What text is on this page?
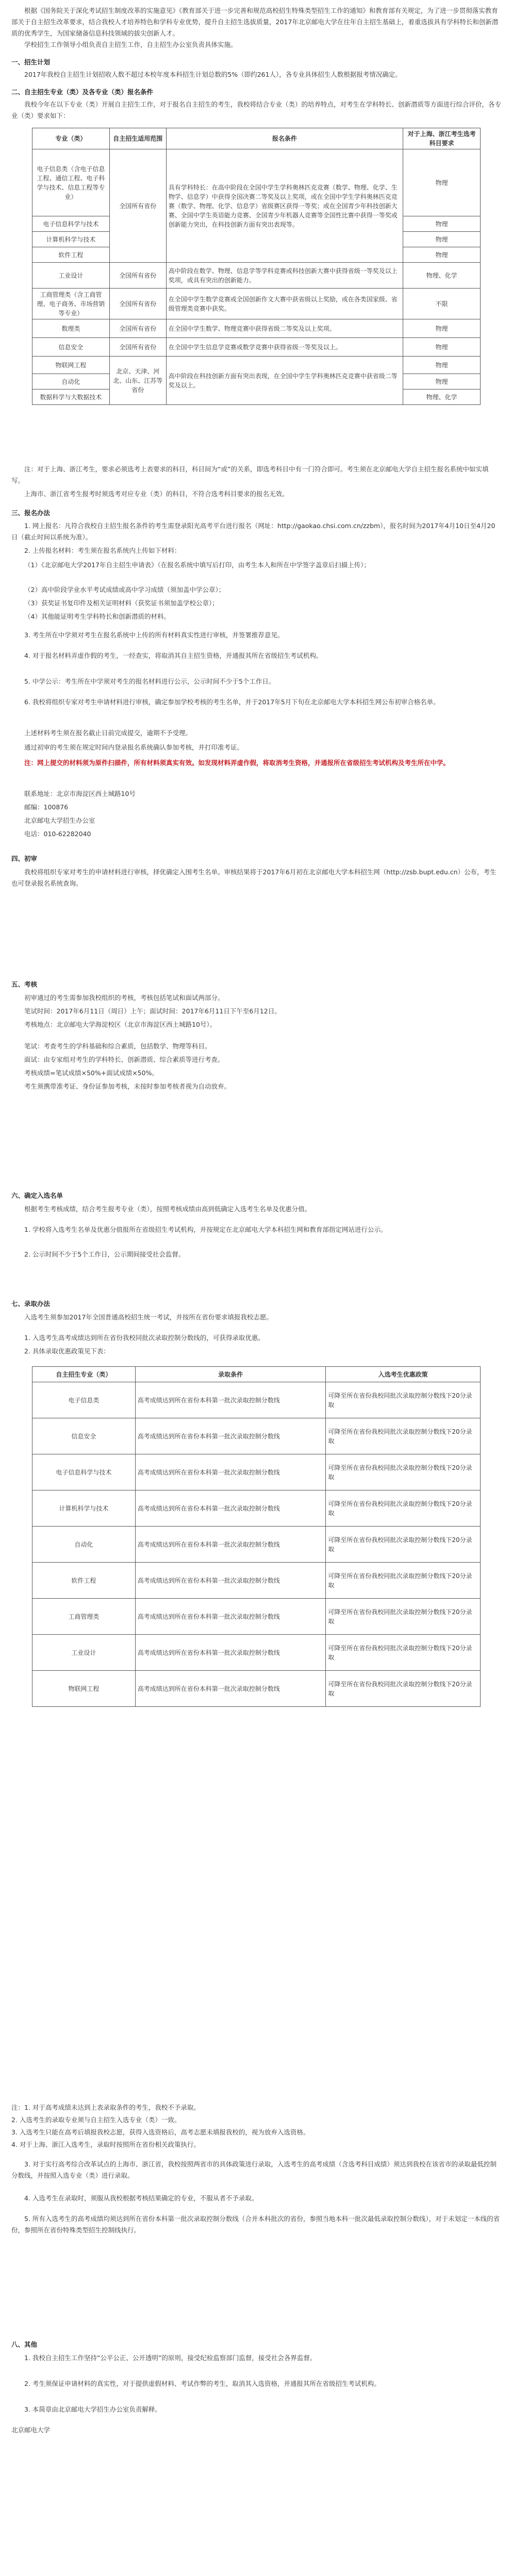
根据《国务院关于深化考试招生制度改革的实施意见》《教育部关于进一步完善和规范高校招生特殊类型招生工作的通知》和教育部有关规定，为了进一步贯彻落实教育部关于自主招生改革要求，结合我校人才培养特色和学科专业优势，提升自主招生选拔质量，2017年北京邮电大学在往年自主招生基础上，着重选拔具有学科特长和创新潜质的优秀学生，为国家储备信息科技领域的拔尖创新人才。

学校招生工作领导小组负责自主招生工作，自主招生办公室负责具体实施。

一、招生计划

2017年我校自主招生计划招收人数不超过本校年度本科招生计划总数的5%（即约261人），各专业具体招生人数根据报考情况确定。

二、自主招生专业（类）及各专业（类）报名条件

我校今年在以下专业（类）开展自主招生工作，对于报名自主招生的考生，我校将结合专业（类）的培养特点，对考生在学科特长、创新潜质等方面进行综合评价，各专业（类）要求如下：

专业（类）	自主招生适用范围	报名条件	对于上海、浙江考生选考科目要求
电子信息类（含电子信息工程、通信工程、电子科学与技术、信息工程等专业）	全国所有省份	具有学科特长：在高中阶段在全国中学生学科奥林匹克竞赛（数学、物理、化学、生物学、信息学）中获得全国决赛二等奖及以上奖项，或在全国中学生学科奥林匹克竞赛（数学、物理、化学、信息学）省级赛区获得一等奖；或在全国青少年科技创新大赛、全国中学生英语能力竞赛、全国青少年机器人竞赛等全国性比赛中获得一等奖或创新能力突出，在科技创新方面有突出表现等。	物理
电子信息科学与技术			物理
计算机科学与技术			物理
软件工程			物理
工业设计	全国所有省份	高中阶段在数学、物理、信息学等学科竞赛或科技创新大赛中获得省级一等奖及以上奖项，或具有突出的创新能力。	物理、化学
工商管理类（含工商管理、电子商务、市场营销等专业）	全国所有省份	在全国中学生数学竞赛或全国创新作文大赛中获省级以上奖励，或在各类国家级、省级管理类竞赛中获奖。	不限
数理类	全国所有省份	在全国中学生数学、物理竞赛中获得省级二等奖及以上奖项。	物理
信息安全	全国所有省份	在全国中学生信息学竞赛或数学竞赛中获得省级一等奖及以上。	物理
物联网工程	北京、天津、河北、山东、江苏等省份	高中阶段在科技创新方面有突出表现，在全国中学生学科奥林匹克竞赛中获省级二等奖及以上。	物理
自动化			物理
数据科学与大数据技术			物理、化学

注：对于上海、浙江考生，要求必须选考上表要求的科目，科目间为“或”的关系，即选考科目中有一门符合即可。考生须在北京邮电大学自主招生报名系统中如实填写。

上海市、浙江省考生报考时须选考对应专业（类）的科目，不符合选考科目要求的报名无效。

三、报名办法

1. 网上报名：凡符合我校自主招生报名条件的考生需登录阳光高考平台进行报名（网址：http://gaokao.chsi.com.cn/zzbm），报名时间为2017年4月10日至4月20日（截止时间以系统为准）。

2. 上传报名材料：考生须在报名系统内上传如下材料：

（1）《北京邮电大学2017年自主招生申请表》（在报名系统中填写后打印，由考生本人和所在中学签字盖章后扫描上传）；

（2）高中阶段学业水平考试成绩或高中学习成绩（须加盖中学公章）；

（3）获奖证书复印件及相关证明材料（获奖证书须加盖学校公章）；

（4）其他能证明考生学科特长和创新潜质的材料。

3. 考生所在中学须对考生在报名系统中上传的所有材料真实性进行审核，并签署推荐意见。

4. 对于报名材料弄虚作假的考生，一经查实，将取消其自主招生资格，并通报其所在省级招生考试机构。

5. 中学公示：考生所在中学须对考生的报名材料进行公示，公示时间不少于5个工作日。

6. 我校将组织专家对考生申请材料进行审核，确定参加学校考核的考生名单，并于2017年5月下旬在北京邮电大学本科招生网公布初审合格名单。

上述材料考生须在报名截止日前完成提交，逾期不予受理。

通过初审的考生须在规定时间内登录报名系统确认参加考核，并打印准考证。

注：网上提交的材料须为原件扫描件，所有材料须真实有效。如发现材料弄虚作假，将取消考生资格，并通报所在省级招生考试机构及考生所在中学。

联系地址：北京市海淀区西土城路10号

邮编：100876

北京邮电大学招生办公室

电话：010-62282040

四、初审

我校将组织专家对考生的申请材料进行审核，择优确定入围考生名单。审核结果将于2017年6月初在北京邮电大学本科招生网（http://zsb.bupt.edu.cn）公布，考生也可登录报名系统查询。

五、考核

初审通过的考生需参加我校组织的考核，考核包括笔试和面试两部分。

笔试时间：2017年6月11日（周日）上午；面试时间：2017年6月11日下午至6月12日。

考核地点：北京邮电大学海淀校区（北京市海淀区西土城路10号）。

笔试：考查考生的学科基础和综合素质，包括数学、物理等科目。

面试：由专家组对考生的学科特长、创新潜质、综合素质等进行考查。

考核成绩=笔试成绩×50%+面试成绩×50%。

考生须携带准考证、身份证参加考核，未按时参加考核者视为自动放弃。

六、确定入选名单

根据考生考核成绩，结合考生报考专业（类），按照考核成绩由高到低确定入选考生名单及优惠分值。

1. 学校将入选考生名单及优惠分值报所在省级招生考试机构，并按规定在北京邮电大学本科招生网和教育部指定网站进行公示。

2. 公示时间不少于5个工作日，公示期间接受社会监督。

七、录取办法

入选考生须参加2017年全国普通高校招生统一考试，并按所在省份要求填报我校志愿。

1. 入选考生高考成绩达到所在省份我校同批次录取控制分数线的，可获得录取优惠。

2. 具体录取优惠政策见下表：

自主招生专业（类）	录取条件	入选考生优惠政策
电子信息类	高考成绩达到所在省份本科第一批次录取控制分数线	可降至所在省份我校同批次录取控制分数线下20分录取
信息安全	高考成绩达到所在省份本科第一批次录取控制分数线	可降至所在省份我校同批次录取控制分数线下20分录取
电子信息科学与技术	高考成绩达到所在省份本科第一批次录取控制分数线	可降至所在省份我校同批次录取控制分数线下20分录取
计算机科学与技术	高考成绩达到所在省份本科第一批次录取控制分数线	可降至所在省份我校同批次录取控制分数线下20分录取
自动化	高考成绩达到所在省份本科第一批次录取控制分数线	可降至所在省份我校同批次录取控制分数线下20分录取
软件工程	高考成绩达到所在省份本科第一批次录取控制分数线	可降至所在省份我校同批次录取控制分数线下20分录取
工商管理类	高考成绩达到所在省份本科第一批次录取控制分数线	可降至所在省份我校同批次录取控制分数线下20分录取
工业设计	高考成绩达到所在省份本科第一批次录取控制分数线	可降至所在省份我校同批次录取控制分数线下20分录取
物联网工程	高考成绩达到所在省份本科第一批次录取控制分数线	可降至所在省份我校同批次录取控制分数线下20分录取

注：1. 对于高考成绩未达到上表录取条件的考生，我校不予录取。

2. 入选考生的录取专业须与自主招生入选专业（类）一致。

3. 入选考生只能在高考后填报我校志愿，获得入选资格后，高考志愿未填报我校的，视为放弃入选资格。

4. 对于上海、浙江入选考生，录取时按照所在省份相关政策执行。

3. 对于实行高考综合改革试点的上海市、浙江省，我校按照两省市的具体政策进行录取，入选考生的高考成绩（含选考科目成绩）须达到我校在该省市的录取最低控制分数线，并按照入选专业（类）进行录取。

4. 入选考生在录取时，须服从我校根据考核结果确定的专业，不服从者不予录取。

5. 所有入选考生的高考成绩均须达到所在省份本科第一批次录取控制分数线（合并本科批次的省份，参照当地本科一批次最低录取控制分数线），对于未划定一本线的省份，参照所在省份特殊类型招生控制线执行。

八、其他

1. 我校自主招生工作坚持“公平公正、公开透明”的原则，接受纪检监察部门监督，接受社会各界监督。

2. 考生须保证申请材料的真实性，对于提供虚假材料、考试作弊的考生，取消其入选资格，并通报其所在省级招生考试机构。

3. 本简章由北京邮电大学招生办公室负责解释。

北京邮电大学
